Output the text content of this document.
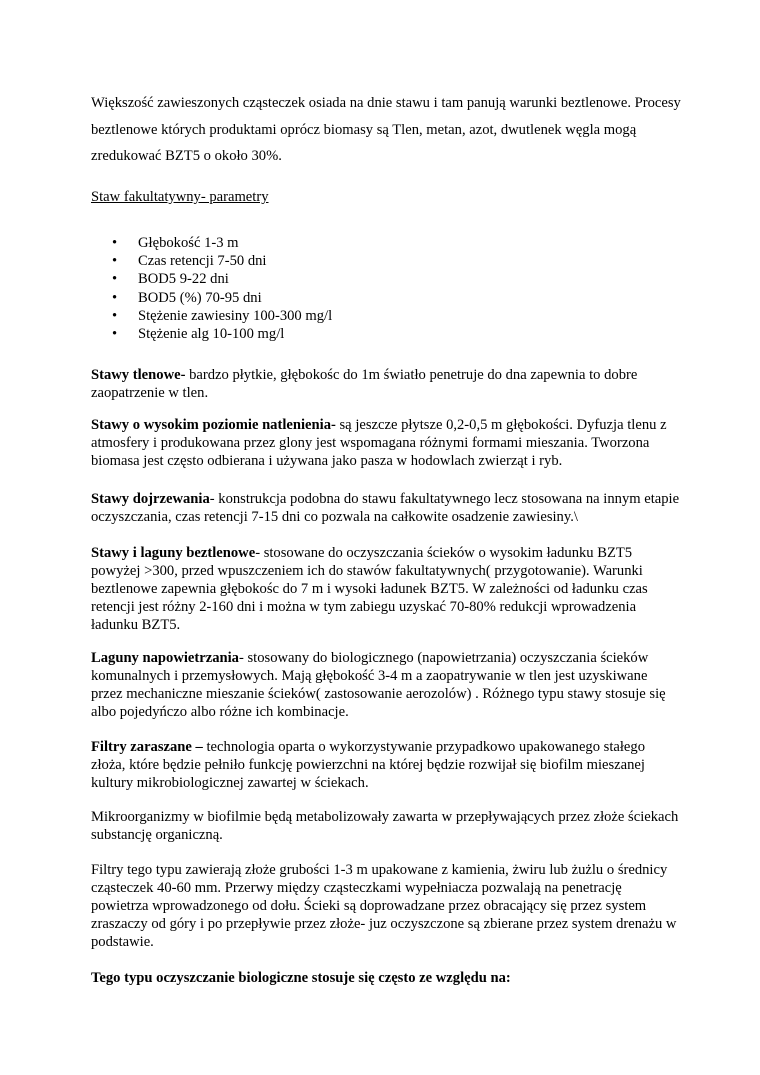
Większość zawieszonych cząsteczek osiada na dnie stawu i tam panują warunki beztlenowe. Procesy beztlenowe których produktami oprócz biomasy są Tlen, metan, azot, dwutlenek węgla mogą zredukować BZT5 o około 30%.

Staw fakultatywny- parametry
• Głębokość 1-3 m
• Czas retencji 7-50 dni
• BOD5 9-22 dni
• BOD5 (%) 70-95 dni
• Stężenie zawiesiny 100-300 mg/l
• Stężenie alg 10-100 mg/l

Stawy tlenowe- bardzo płytkie, głębokośc do 1m światło penetruje do dna zapewnia to dobre zaopatrzenie w tlen.

Stawy o wysokim poziomie natlenienia- są jeszcze płytsze 0,2-0,5 m głębokości. Dyfuzja tlenu z atmosfery i produkowana przez glony jest wspomagana różnymi formami mieszania. Tworzona biomasa jest często odbierana i używana jako pasza w hodowlach zwierząt i ryb.

Stawy dojrzewania- konstrukcja podobna do stawu fakultatywnego lecz stosowana na innym etapie oczyszczania, czas retencji 7-15 dni co pozwala na całkowite osadzenie zawiesiny.\

Stawy i laguny beztlenowe- stosowane do oczyszczania ścieków o wysokim ładunku BZT5 powyżej >300, przed wpuszczeniem ich do stawów fakultatywnych( przygotowanie). Warunki beztlenowe zapewnia głębokośc do 7 m i wysoki ładunek BZT5. W zależności od ładunku czas retencji jest różny 2-160 dni i można w tym zabiegu uzyskać 70-80% redukcji wprowadzenia ładunku BZT5.

Laguny napowietrzania- stosowany do biologicznego (napowietrzania) oczyszczania ścieków komunalnych i przemysłowych. Mają głębokość 3-4 m a zaopatrywanie w tlen jest uzyskiwane przez mechaniczne mieszanie ścieków( zastosowanie aerozolów) . Różnego typu stawy stosuje się albo pojedyńczo albo różne ich kombinacje.

Filtry zaraszane – technologia oparta o wykorzystywanie przypadkowo upakowanego stałego złoża, które będzie pełniło funkcję powierzchni na której będzie rozwijał się biofilm mieszanej kultury mikrobiologicznej zawartej w ściekach.

Mikroorganizmy w biofilmie będą metabolizowały zawarta w przepływających przez złoże ściekach substancję organiczną.

Filtry tego typu zawierają złoże grubości 1-3 m upakowane z kamienia, żwiru lub żużlu o średnicy cząsteczek 40-60 mm. Przerwy między cząsteczkami wypełniacza pozwalają na penetrację powietrza wprowadzonego od dołu. Ścieki są doprowadzane przez obracający się przez system zraszaczy od góry i po przepływie przez złoże- juz oczyszczone są zbierane przez system drenażu w podstawie.

Tego typu oczyszczanie biologiczne stosuje się często ze względu na:
